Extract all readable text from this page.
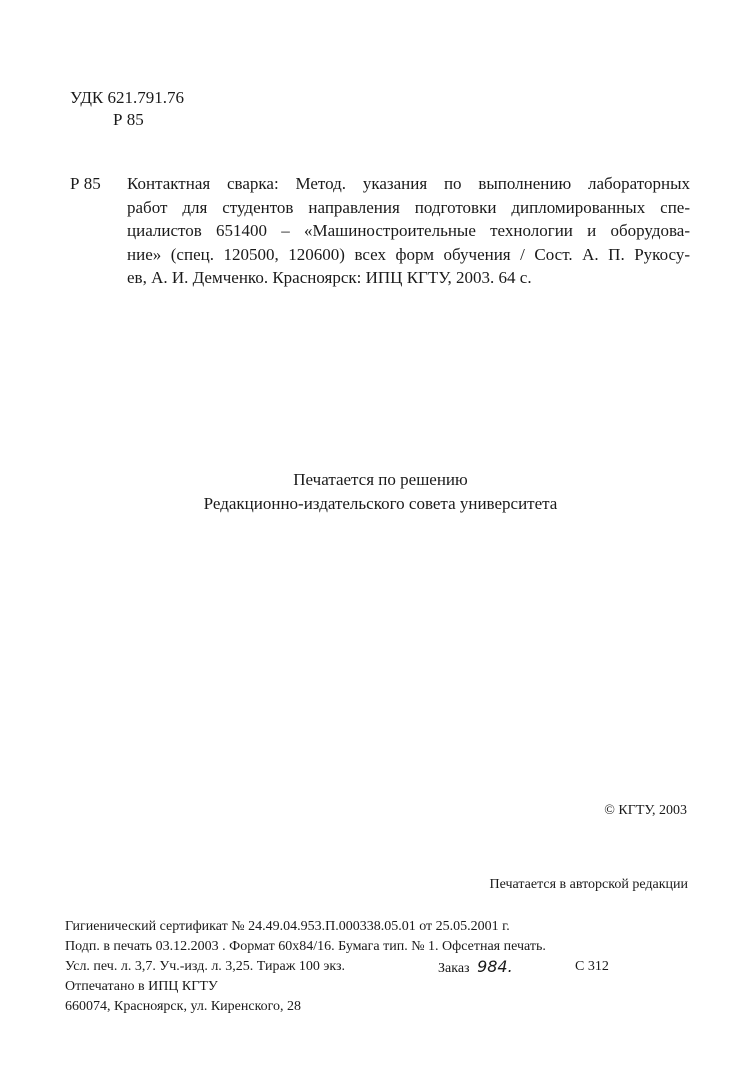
УДК 621.791.76
Р 85
Р 85 Контактная сварка: Метод. указания по выполнению лабораторных
работ для студентов направления подготовки дипломированных спе-
циалистов 651400 – «Машиностроительные технологии и оборудова-
ние» (спец. 120500, 120600) всех форм обучения / Сост. А. П. Рукосу-
ев, А. И. Демченко. Красноярск: ИПЦ КГТУ, 2003. 64 с.
Печатается по решению
Редакционно-издательского совета университета
© КГТУ, 2003
Печатается в авторской редакции
Гигиенический сертификат № 24.49.04.953.П.000338.05.01 от 25.05.2001 г.
Подп. в печать 03.12.2003 . Формат 60х84/16. Бумага тип. № 1. Офсетная печать.
Усл. печ. л. 3,7. Уч.-изд. л. 3,25. Тираж 100 экз.	Заказ 984.	С 312
Отпечатано в ИПЦ КГТУ
660074, Красноярск, ул. Киренского, 28
